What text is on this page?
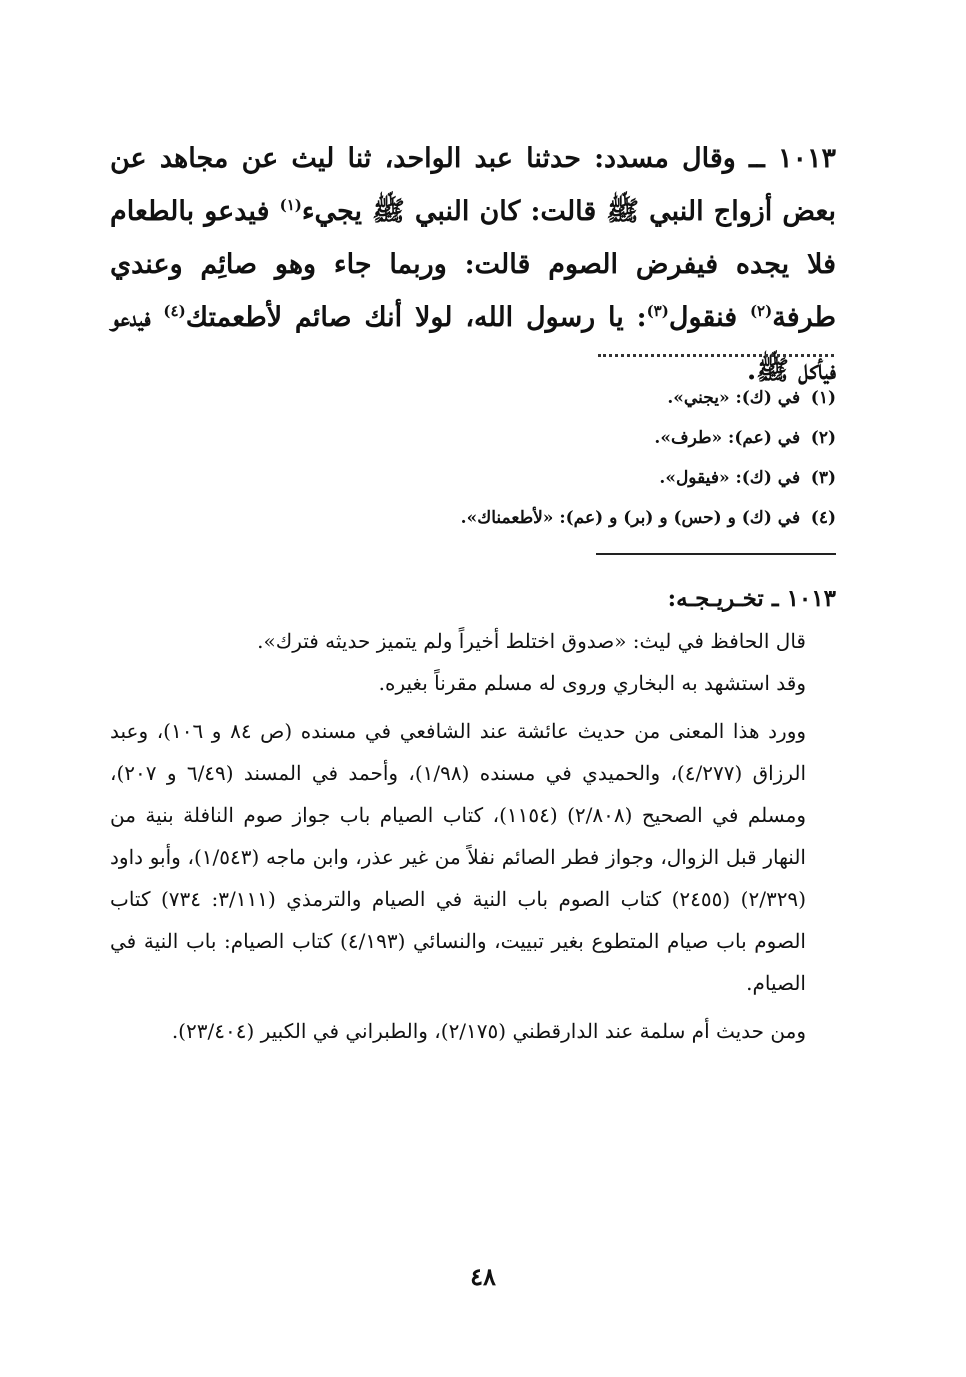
١٠١٣ ــ وقال مسدد: حدثنا عبد الواحد، ثنا ليث عن مجاهد عن بعض أزواج النبي ﷺ قالت: كان النبي ﷺ يجيء$^{(١)}$ فيدعو بالطعام فلا يجده فيفرض الصوم قالت: وربما جاء وهو صائِم وعندي طرفة$^{(٢)}$ فنقول$^{(٣)}$: يا رسول الله، لولا أنك صائم لأطعمتك$^{(٤)}$ فيدعو فيأكل ﷺ.

(١) في (ك): «يجني».
(٢) في (عم): «طرف».
(٣) في (ك): «فيقول».
(٤) في (ك) و (حس) و (بر) و (عم): «لأطعمناك».

١٠١٣ ـ تخـريـجـه:

قال الحافظ في ليث: «صدوق اختلط أخيراً ولم يتميز حديثه فترك».

وقد استشهد به البخاري وروى له مسلم مقرناً بغيره.

وورد هذا المعنى من حديث عائشة عند الشافعي في مسنده (ص ٨٤ و ١٠٦)، وعبد الرزاق (٤/٢٧٧)، والحميدي في مسنده (١/٩٨)، وأحمد في المسند (٦/٤٩ و ٢٠٧)، ومسلم في الصحيح (٢/٨٠٨) (١١٥٤)، كتاب الصيام باب جواز صوم النافلة بنية من النهار قبل الزوال، وجواز فطر الصائم نفلاً من غير عذر، وابن ماجه (١/٥٤٣)، وأبو داود (٢/٣٢٩) (٢٤٥٥) كتاب الصوم باب النية في الصيام والترمذي (٣/١١١: ٧٣٤) كتاب الصوم باب صيام المتطوع بغير تبييت، والنسائي (٤/١٩٣) كتاب الصيام: باب النية في الصيام.

ومن حديث أم سلمة عند الدارقطني (٢/١٧٥)، والطبراني في الكبير (٢٣/٤٠٤).

٤٨
